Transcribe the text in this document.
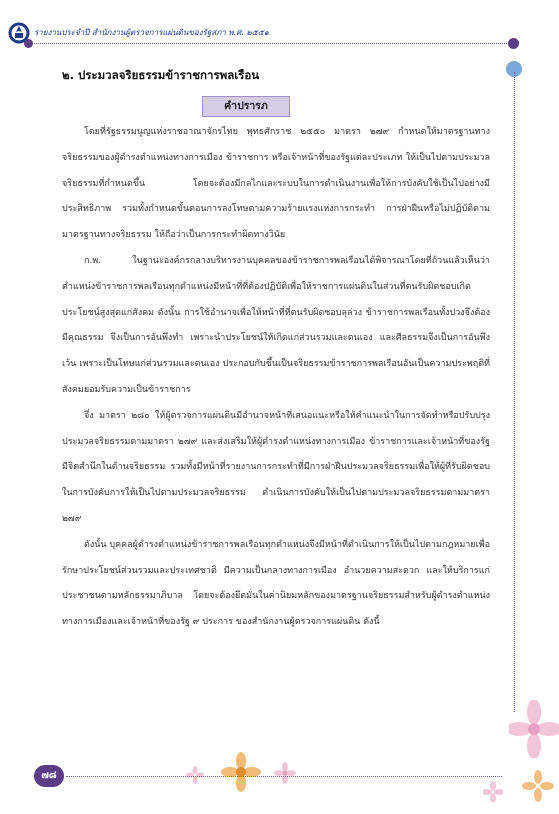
รายงานประจำปี สำนักงานผู้ตรวจการแผ่นดินของรัฐสภา พ.ศ. ๒๕๕๑
๒. ประมวลจริยธรรมข้าราชการพลเรือน
คำปรารภ

โดยที่รัฐธรรมนูญแห่งราชอาณาจักรไทย พุทธศักราช ๒๕๕๐ มาตรา ๒๗๙ กำหนดให้มาตรฐานทางจริยธรรมของผู้ดำรงตำแหน่งทางการเมือง ข้าราชการ หรือเจ้าหน้าที่ของรัฐแต่ละประเภท ให้เป็นไปตามประมวลจริยธรรมที่กำหนดขึ้น โดยจะต้องมีกลไกและระบบในการดำเนินงานเพื่อให้การบังคับใช้เป็นไปอย่างมีประสิทธิภาพ รวมทั้งกำหนดขั้นตอนการลงโทษตามความร้ายแรงแห่งการกระทำ การฝ่าฝืนหรือไม่ปฏิบัติตามมาตรฐานทางจริยธรรม ให้ถือว่าเป็นการกระทำผิดทางวินัย

ก.พ. ในฐานะองค์กรกลางบริหารงานบุคคลของข้าราชการพลเรือนได้พิจารณาโดยที่ถ้วนแล้วเห็นว่า ตำแหน่งข้าราชการพลเรือนทุกตำแหน่งมีหน้าที่ที่ต้องปฏิบัติเพื่อให้ราชการแผ่นดินในส่วนที่ตนรับผิดชอบเกิดประโยชน์สูงสุดแก่สังคม ดังนั้น การใช้อำนาจเพื่อให้หน้าที่ที่ตนรับผิดชอบลุล่วง ข้าราชการพลเรือนทั้งปวงจึงต้องมีคุณธรรม จึงเป็นการอันพึงทำ เพราะนำประโยชน์ให้เกิดแก่ส่วนรวมและตนเอง และศีลธรรมจึงเป็นการอันพึงเว้น เพราะเป็นโทษแก่ส่วนรวมและตนเอง ประกอบกับขึ้นเป็นจริยธรรมข้าราชการพลเรือนอันเป็นความประพฤติที่สังคมยอมรับความเป็นข้าราชการ

จึ่ง มาตรา ๒๘๐ ให้ผู้ตรวจการแผ่นดินมีอำนาจหน้าที่เสนอแนะหรือให้คำแนะนำในการจัดทำหรือปรับปรุงประมวลจริยธรรมตามมาตรา ๒๗๙ และส่งเสริมให้ผู้ดำรงตำแหน่งทางการเมือง ข้าราชการและเจ้าหน้าที่ของรัฐมีจิตสำนึกในด้านจริยธรรม รวมทั้งมีหน้าที่รายงานการกระทำที่มีการฝ่าฝืนประมวลจริยธรรมเพื่อให้ผู้ที่รับผิดชอบในการบังคับการให้เป็นไปตามประมวลจริยธรรม ดำเนินการบังคับให้เป็นไปตามประมวลจริยธรรมตามมาตรา ๒๗๙

ดังนั้น บุคคลผู้ดำรงตำแหน่งข้าราชการพลเรือนทุกตำแหน่งจึงมีหน้าที่ดำเนินการให้เป็นไปตามกฎหมายเพื่อรักษาประโยชน์ส่วนรวมและประเทศชาติ มีความเป็นกลางทางการเมือง อำนวยความสะดวก และให้บริการแก่ประชาชนตามหลักธรรมาภิบาล โดยจะต้องยึดมั่นในค่านิยมหลักของมาตรฐานจริยธรรมสำหรับผู้ดำรงตำแหน่งทางการเมืองและเจ้าหน้าที่ของรัฐ ๙ ประการ ของสำนักงานผู้ตรวจการแผ่นดิน ดังนี้

๗๘
